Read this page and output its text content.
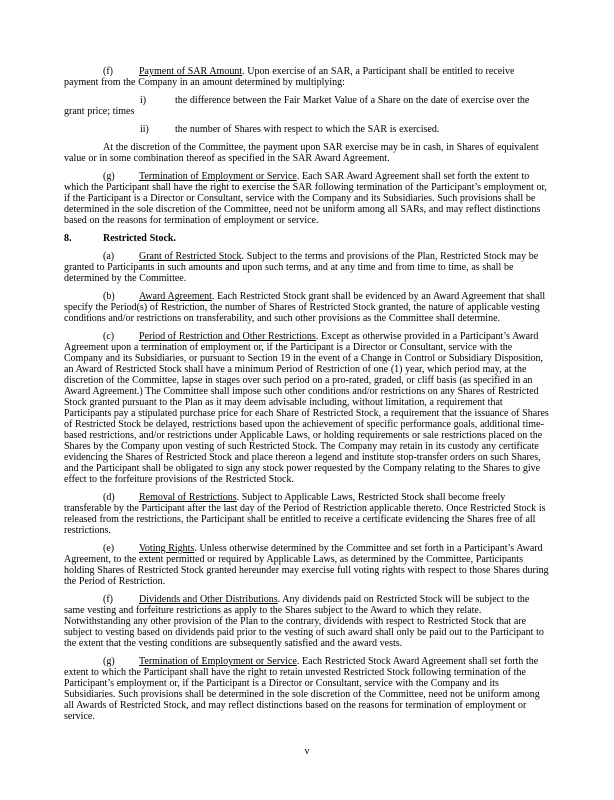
(f)	Payment of SAR Amount. Upon exercise of an SAR, a Participant shall be entitled to receive payment from the Company in an amount determined by multiplying:

i)	the difference between the Fair Market Value of a Share on the date of exercise over the grant price; times

ii)	the number of Shares with respect to which the SAR is exercised.

At the discretion of the Committee, the payment upon SAR exercise may be in cash, in Shares of equivalent value or in some combination thereof as specified in the SAR Award Agreement.

(g) Termination of Employment or Service. Each SAR Award Agreement shall set forth the extent to which the Participant shall have the right to exercise the SAR following termination of the Participant’s employment or, if the Participant is a Director or Consultant, service with the Company and its Subsidiaries. Such provisions shall be determined in the sole discretion of the Committee, need not be uniform among all SARs, and may reflect distinctions based on the reasons for termination of employment or service.

8.	Restricted Stock.

(a) Grant of Restricted Stock. Subject to the terms and provisions of the Plan, Restricted Stock may be granted to Participants in such amounts and upon such terms, and at any time and from time to time, as shall be determined by the Committee.

(b) Award Agreement. Each Restricted Stock grant shall be evidenced by an Award Agreement that shall specify the Period(s) of Restriction, the number of Shares of Restricted Stock granted, the nature of applicable vesting conditions and/or restrictions on transferability, and such other provisions as the Committee shall determine.

(c) Period of Restriction and Other Restrictions. Except as otherwise provided in a Participant’s Award Agreement upon a termination of employment or, if the Participant is a Director or Consultant, service with the Company and its Subsidiaries, or pursuant to Section 19 in the event of a Change in Control or Subsidiary Disposition, an Award of Restricted Stock shall have a minimum Period of Restriction of one (1) year, which period may, at the discretion of the Committee, lapse in stages over such period on a pro-rated, graded, or cliff basis (as specified in an Award Agreement.) The Committee shall impose such other conditions and/or restrictions on any Shares of Restricted Stock granted pursuant to the Plan as it may deem advisable including, without limitation, a requirement that Participants pay a stipulated purchase price for each Share of Restricted Stock, a requirement that the issuance of Shares of Restricted Stock be delayed, restrictions based upon the achievement of specific performance goals, additional time-based restrictions, and/or restrictions under Applicable Laws, or holding requirements or sale restrictions placed on the Shares by the Company upon vesting of such Restricted Stock. The Company may retain in its custody any certificate evidencing the Shares of Restricted Stock and place thereon a legend and institute stop-transfer orders on such Shares, and the Participant shall be obligated to sign any stock power requested by the Company relating to the Shares to give effect to the forfeiture provisions of the Restricted Stock.

(d) Removal of Restrictions. Subject to Applicable Laws, Restricted Stock shall become freely transferable by the Participant after the last day of the Period of Restriction applicable thereto. Once Restricted Stock is released from the restrictions, the Participant shall be entitled to receive a certificate evidencing the Shares free of all restrictions.

(e) Voting Rights. Unless otherwise determined by the Committee and set forth in a Participant’s Award Agreement, to the extent permitted or required by Applicable Laws, as determined by the Committee, Participants holding Shares of Restricted Stock granted hereunder may exercise full voting rights with respect to those Shares during the Period of Restriction.

(f)	Dividends and Other Distributions. Any dividends paid on Restricted Stock will be subject to the same vesting and forfeiture restrictions as apply to the Shares subject to the Award to which they relate. Notwithstanding any other provision of the Plan to the contrary, dividends with respect to Restricted Stock that are subject to vesting based on dividends paid prior to the vesting of such award shall only be paid out to the Participant to the extent that the vesting conditions are subsequently satisfied and the award vests.

(g) Termination of Employment or Service. Each Restricted Stock Award Agreement shall set forth the extent to which the Participant shall have the right to retain unvested Restricted Stock following termination of the Participant’s employment or, if the Participant is a Director or Consultant, service with the Company and its Subsidiaries. Such provisions shall be determined in the sole discretion of the Committee, need not be uniform among all Awards of Restricted Stock, and may reflect distinctions based on the reasons for termination of employment or service.

v
